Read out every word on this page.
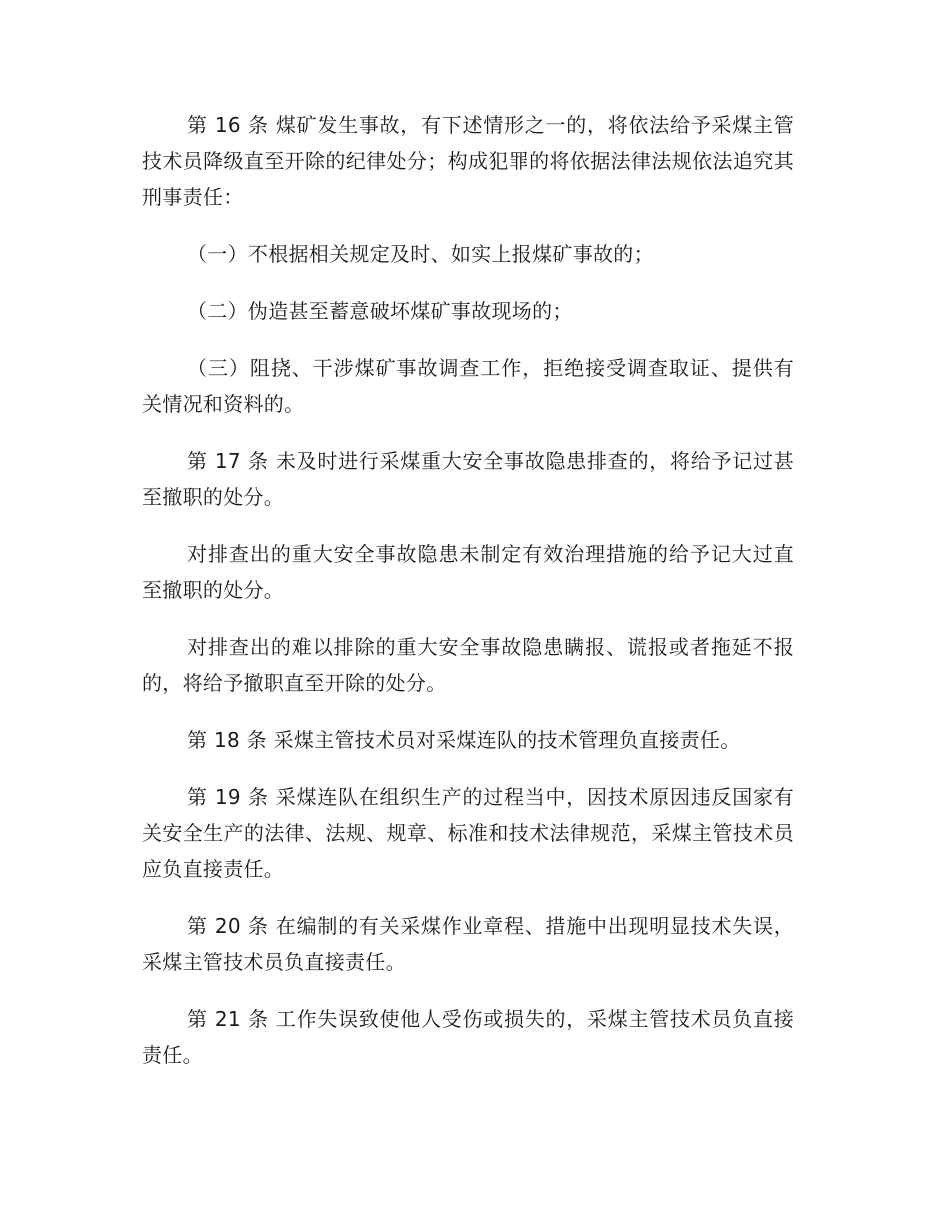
第 16 条 煤矿发生事故，有下述情形之一的，将依法给予采煤主管技术员降级直至开除的纪律处分；构成犯罪的将依据法律法规依法追究其刑事责任：

（一）不根据相关规定及时、如实上报煤矿事故的；

（二）伪造甚至蓄意破坏煤矿事故现场的；

（三）阻挠、干涉煤矿事故调查工作，拒绝接受调查取证、提供有关情况和资料的。

第 17 条 未及时进行采煤重大安全事故隐患排查的，将给予记过甚至撤职的处分。

对排查出的重大安全事故隐患未制定有效治理措施的给予记大过直至撤职的处分。

对排查出的难以排除的重大安全事故隐患瞒报、谎报或者拖延不报的，将给予撤职直至开除的处分。

第 18 条 采煤主管技术员对采煤连队的技术管理负直接责任。

第 19 条 采煤连队在组织生产的过程当中，因技术原因违反国家有关安全生产的法律、法规、规章、标准和技术法律规范，采煤主管技术员应负直接责任。

第 20 条 在编制的有关采煤作业章程、措施中出现明显技术失误，采煤主管技术员负直接责任。

第 21 条 工作失误致使他人受伤或损失的，采煤主管技术员负直接责任。
